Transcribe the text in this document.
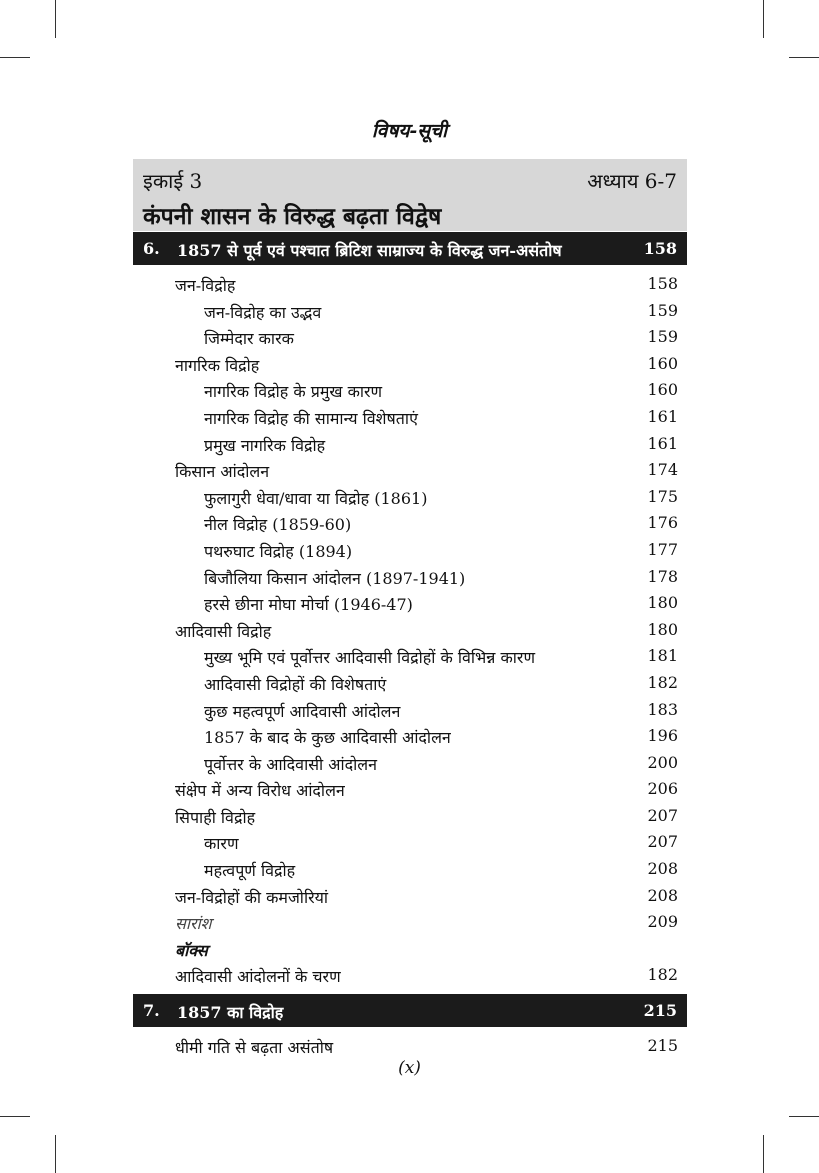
विषय-सूची
इकाई 3	अध्याय 6-7
कंपनी शासन के विरुद्ध बढ़ता विद्वेष
6. 1857 से पूर्व एवं पश्चात ब्रिटिश साम्राज्य के विरुद्ध जन-असंतोष	158
जन-विद्रोह	158
जन-विद्रोह का उद्भव	159
जिम्मेदार कारक	159
नागरिक विद्रोह	160
नागरिक विद्रोह के प्रमुख कारण	160
नागरिक विद्रोह की सामान्य विशेषताएं	161
प्रमुख नागरिक विद्रोह	161
किसान आंदोलन	174
फुलागुरी धेवा/धावा या विद्रोह (1861)	175
नील विद्रोह (1859-60)	176
पथरुघाट विद्रोह (1894)	177
बिजौलिया किसान आंदोलन (1897-1941)	178
हरसे छीना मोघा मोर्चा (1946-47)	180
आदिवासी विद्रोह	180
मुख्य भूमि एवं पूर्वोत्तर आदिवासी विद्रोहों के विभिन्न कारण	181
आदिवासी विद्रोहों की विशेषताएं	182
कुछ महत्वपूर्ण आदिवासी आंदोलन	183
1857 के बाद के कुछ आदिवासी आंदोलन	196
पूर्वोत्तर के आदिवासी आंदोलन	200
संक्षेप में अन्य विरोध आंदोलन	206
सिपाही विद्रोह	207
कारण	207
महत्वपूर्ण विद्रोह	208
जन-विद्रोहों की कमजोरियां	208
सारांश	209
बॉक्स
आदिवासी आंदोलनों के चरण	182
7. 1857 का विद्रोह	215
धीमी गति से बढ़ता असंतोष	215
(x)
